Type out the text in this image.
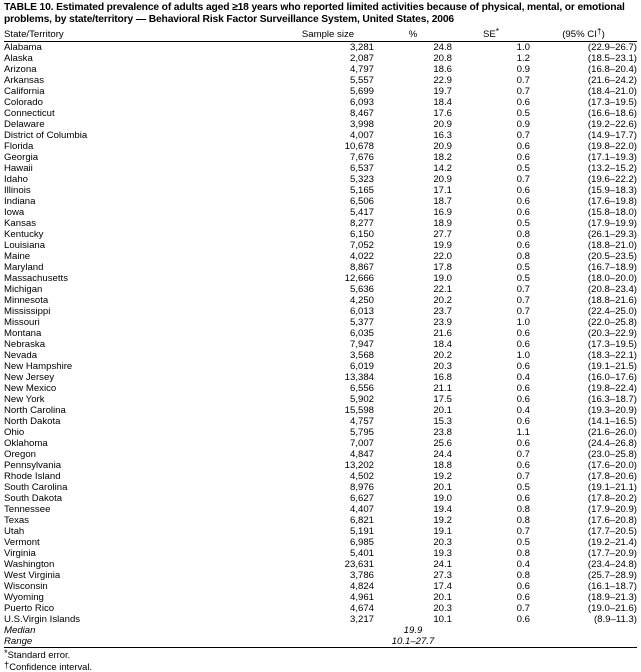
TABLE 10. Estimated prevalence of adults aged ≥18 years who reported limited activities because of physical, mental, or emotional problems, by state/territory — Behavioral Risk Factor Surveillance System, United States, 2006
State/Territory	Sample size	%	SE*	(95% CI†)
Alabama	3,281	24.8	1.0	(22.9–26.7)
Alaska	2,087	20.8	1.2	(18.5–23.1)
Arizona	4,797	18.6	0.9	(16.8–20.4)
Arkansas	5,557	22.9	0.7	(21.6–24.2)
California	5,699	19.7	0.7	(18.4–21.0)
Colorado	6,093	18.4	0.6	(17.3–19.5)
Connecticut	8,467	17.6	0.5	(16.6–18.6)
Delaware	3,998	20.9	0.9	(19.2–22.6)
District of Columbia	4,007	16.3	0.7	(14.9–17.7)
Florida	10,678	20.9	0.6	(19.8–22.0)
Georgia	7,676	18.2	0.6	(17.1–19.3)
Hawaii	6,537	14.2	0.5	(13.2–15.2)
Idaho	5,323	20.9	0.7	(19.6–22.2)
Illinois	5,165	17.1	0.6	(15.9–18.3)
Indiana	6,506	18.7	0.6	(17.6–19.8)
Iowa	5,417	16.9	0.6	(15.8–18.0)
Kansas	8,277	18.9	0.5	(17.9–19.9)
Kentucky	6,150	27.7	0.8	(26.1–29.3)
Louisiana	7,052	19.9	0.6	(18.8–21.0)
Maine	4,022	22.0	0.8	(20.5–23.5)
Maryland	8,867	17.8	0.5	(16.7–18.9)
Massachusetts	12,666	19.0	0.5	(18.0–20.0)
Michigan	5,636	22.1	0.7	(20.8–23.4)
Minnesota	4,250	20.2	0.7	(18.8–21.6)
Mississippi	6,013	23.7	0.7	(22.4–25.0)
Missouri	5,377	23.9	1.0	(22.0–25.8)
Montana	6,035	21.6	0.6	(20.3–22.9)
Nebraska	7,947	18.4	0.6	(17.3–19.5)
Nevada	3,568	20.2	1.0	(18.3–22.1)
New Hampshire	6,019	20.3	0.6	(19.1–21.5)
New Jersey	13,384	16.8	0.4	(16.0–17.6)
New Mexico	6,556	21.1	0.6	(19.8–22.4)
New York	5,902	17.5	0.6	(16.3–18.7)
North Carolina	15,598	20.1	0.4	(19.3–20.9)
North Dakota	4,757	15.3	0.6	(14.1–16.5)
Ohio	5,795	23.8	1.1	(21.6–26.0)
Oklahoma	7,007	25.6	0.6	(24.4–26.8)
Oregon	4,847	24.4	0.7	(23.0–25.8)
Pennsylvania	13,202	18.8	0.6	(17.6–20.0)
Rhode Island	4,502	19.2	0.7	(17.8–20.6)
South Carolina	8,976	20.1	0.5	(19.1–21.1)
South Dakota	6,627	19.0	0.6	(17.8–20.2)
Tennessee	4,407	19.4	0.8	(17.9–20.9)
Texas	6,821	19.2	0.8	(17.6–20.8)
Utah	5,191	19.1	0.7	(17.7–20.5)
Vermont	6,985	20.3	0.5	(19.2–21.4)
Virginia	5,401	19.3	0.8	(17.7–20.9)
Washington	23,631	24.1	0.4	(23.4–24.8)
West Virginia	3,786	27.3	0.8	(25.7–28.9)
Wisconsin	4,824	17.4	0.6	(16.1–18.7)
Wyoming	4,961	20.1	0.6	(18.9–21.3)
Puerto Rico	4,674	20.3	0.7	(19.0–21.6)
U.S.Virgin Islands	3,217	10.1	0.6	(8.9–11.3)
Median		19.9		
Range		10.1–27.7		
*Standard error.
†Confidence interval.
